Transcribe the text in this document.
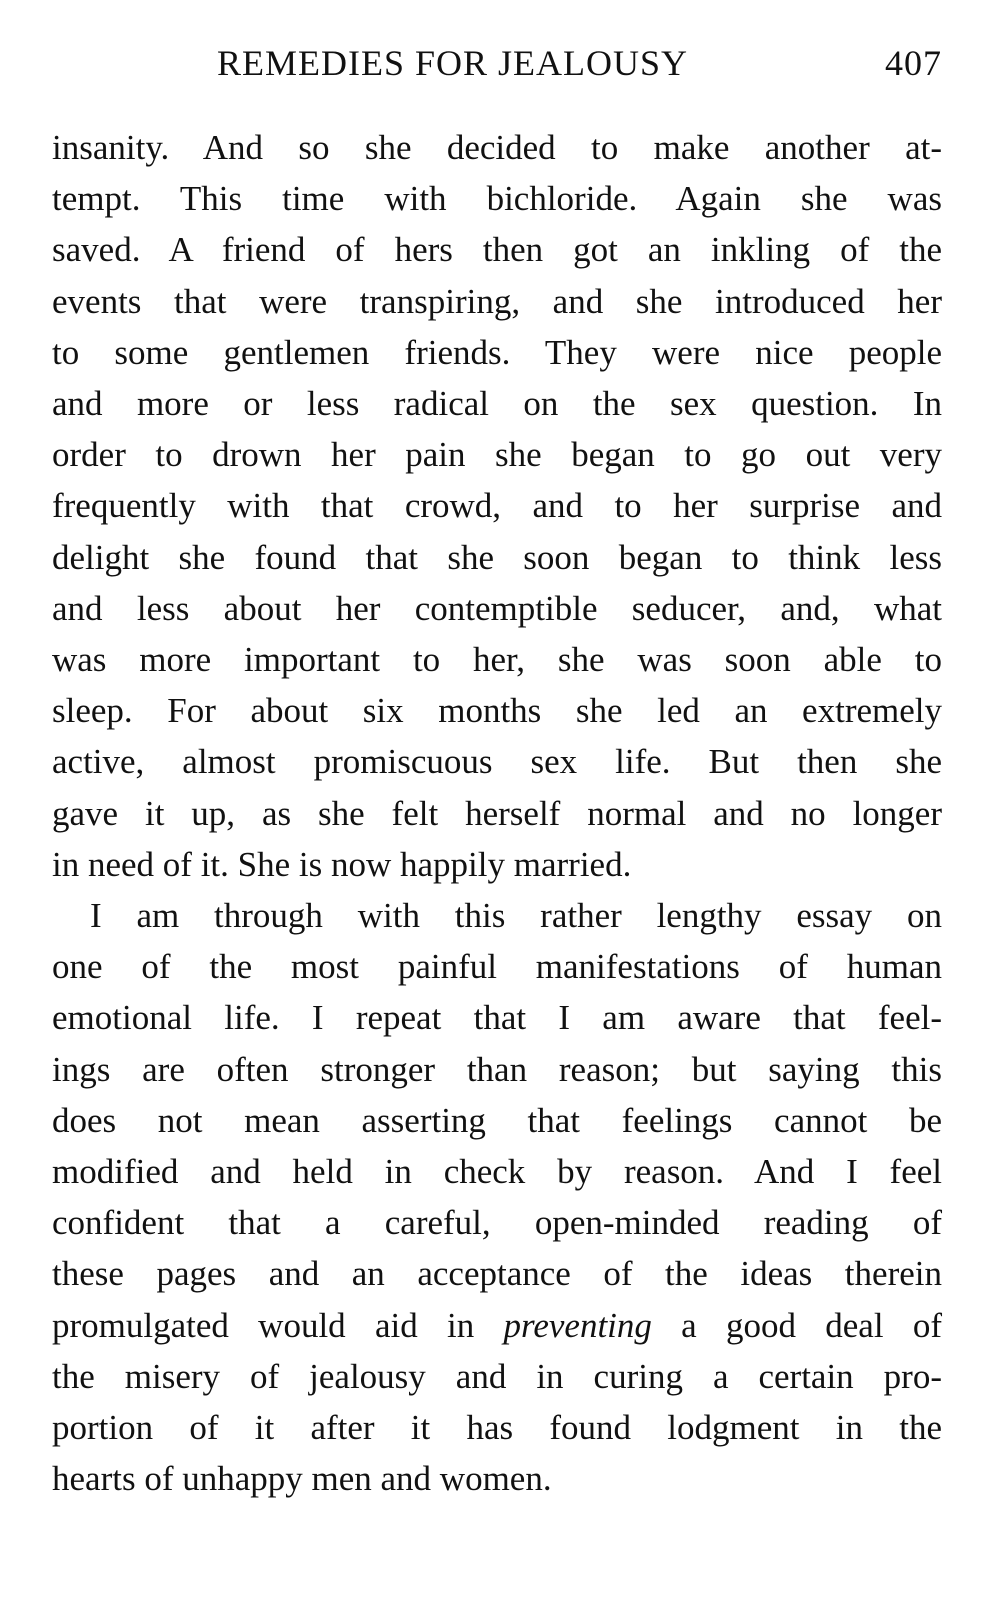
REMEDIES FOR JEALOUSY	407
insanity. And so she decided to make another at-
tempt. This time with bichloride. Again she was
saved. A friend of hers then got an inkling of the
events that were transpiring, and she introduced her
to some gentlemen friends. They were nice people
and more or less radical on the sex question. In
order to drown her pain she began to go out very
frequently with that crowd, and to her surprise and
delight she found that she soon began to think less
and less about her contemptible seducer, and, what
was more important to her, she was soon able to
sleep. For about six months she led an extremely
active, almost promiscuous sex life. But then she
gave it up, as she felt herself normal and no longer
in need of it. She is now happily married.
I am through with this rather lengthy essay on
one of the most painful manifestations of human
emotional life. I repeat that I am aware that feel-
ings are often stronger than reason; but saying this
does not mean asserting that feelings cannot be
modified and held in check by reason. And I feel
confident that a careful, open-minded reading of
these pages and an acceptance of the ideas therein
promulgated would aid in preventing a good deal of
the misery of jealousy and in curing a certain pro-
portion of it after it has found lodgment in the
hearts of unhappy men and women.
